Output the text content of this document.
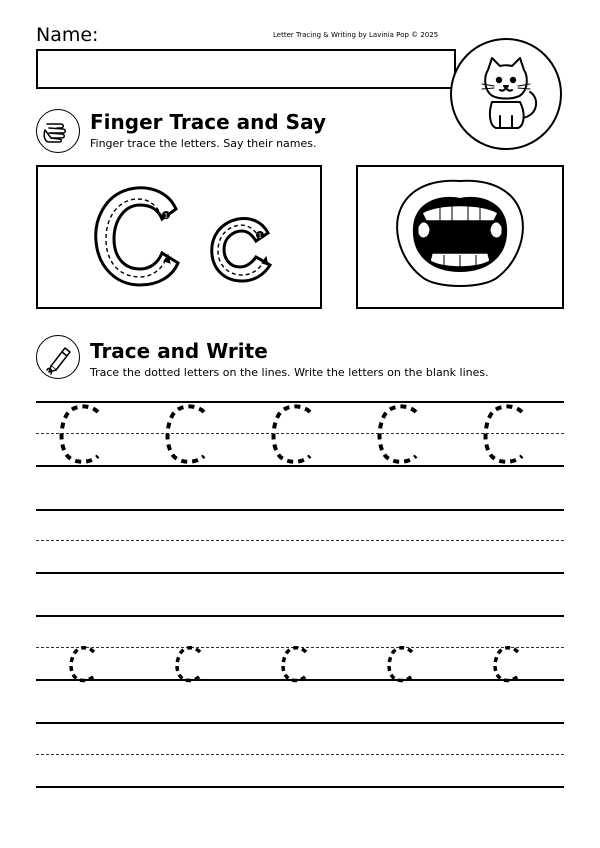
Name:	Letter Tracing & Writing by Lavinia Pop © 2025
Finger Trace and Say
Finger trace the letters. Say their names.
1
1
Trace and Write
Trace the dotted letters on the lines. Write the letters on the blank lines.
